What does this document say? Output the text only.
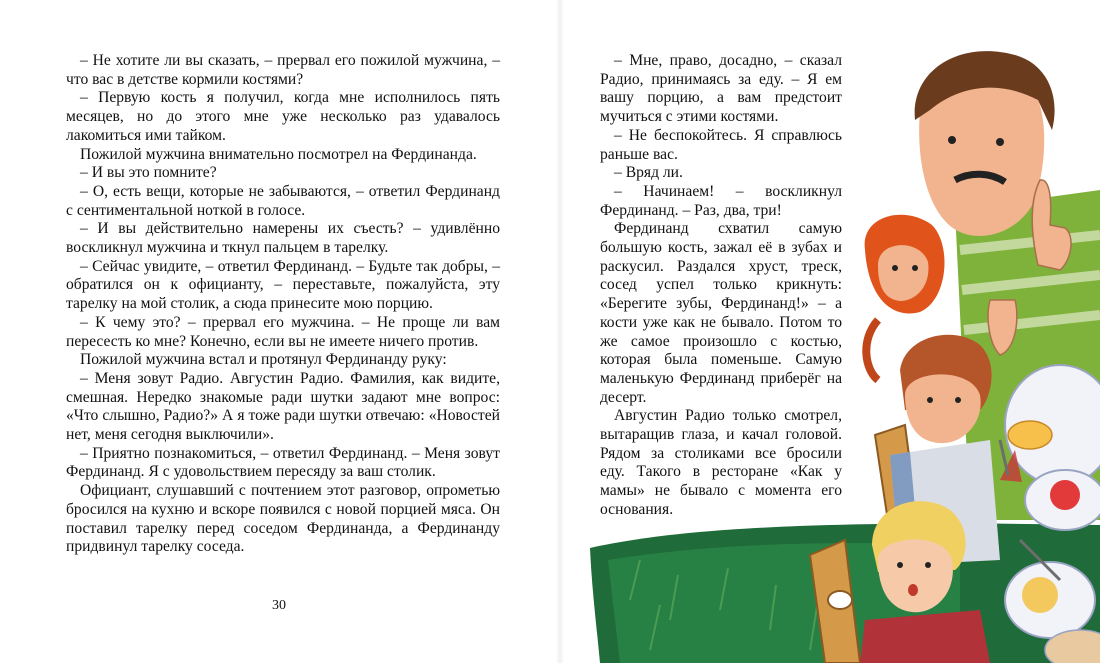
– Не хотите ли вы сказать, – прервал его пожилой мужчина, – что вас в детстве кормили костями?

– Первую кость я получил, когда мне исполнилось пять месяцев, но до этого мне уже несколько раз удавалось лакомиться ими тайком.

Пожилой мужчина внимательно посмотрел на Фердинанда.

– И вы это помните?

– О, есть вещи, которые не забываются, – ответил Фердинанд с сентиментальной ноткой в голосе.

– И вы действительно намерены их съесть? – удивлённо воскликнул мужчина и ткнул пальцем в тарелку.

– Сейчас увидите, – ответил Фердинанд. – Будьте так добры, – обратился он к официанту, – переставьте, пожалуйста, эту тарелку на мой столик, а сюда принесите мою порцию.

– К чему это? – прервал его мужчина. – Не проще ли вам пересесть ко мне? Конечно, если вы не имеете ничего против.

Пожилой мужчина встал и протянул Фердинанду руку:

– Меня зовут Радио. Августин Радио. Фамилия, как видите, смешная. Нередко знакомые ради шутки задают мне вопрос: «Что слышно, Радио?» А я тоже ради шутки отвечаю: «Новостей нет, меня сегодня выключили».

– Приятно познакомиться, – ответил Фердинанд. – Меня зовут Фердинанд. Я с удовольствием пересяду за ваш столик.

Официант, слушавший с почтением этот разговор, опрометью бросился на кухню и вскоре появился с новой порцией мяса. Он поставил тарелку перед соседом Фердинанда, а Фердинанду придвинул тарелку соседа.

30

– Мне, право, досадно, – сказал Радио, принимаясь за еду. – Я ем вашу порцию, а вам предстоит мучиться с этими костями.

– Не беспокойтесь. Я справлюсь раньше вас.

– Вряд ли.

– Начинаем! – воскликнул Фердинанд. – Раз, два, три!

Фердинанд схватил самую большую кость, зажал её в зубах и раскусил. Раздался хруст, треск, сосед успел только крикнуть: «Берегите зубы, Фердинанд!» – а кости уже как не бывало. Потом то же самое произошло с костью, которая была поменьше. Самую маленькую Фердинанд приберёг на десерт.

Августин Радио только смотрел, вытаращив глаза, и качал головой. Рядом за столиками все бросили еду. Такого в ресторане «Как у мамы» не бывало с момента его основания.
